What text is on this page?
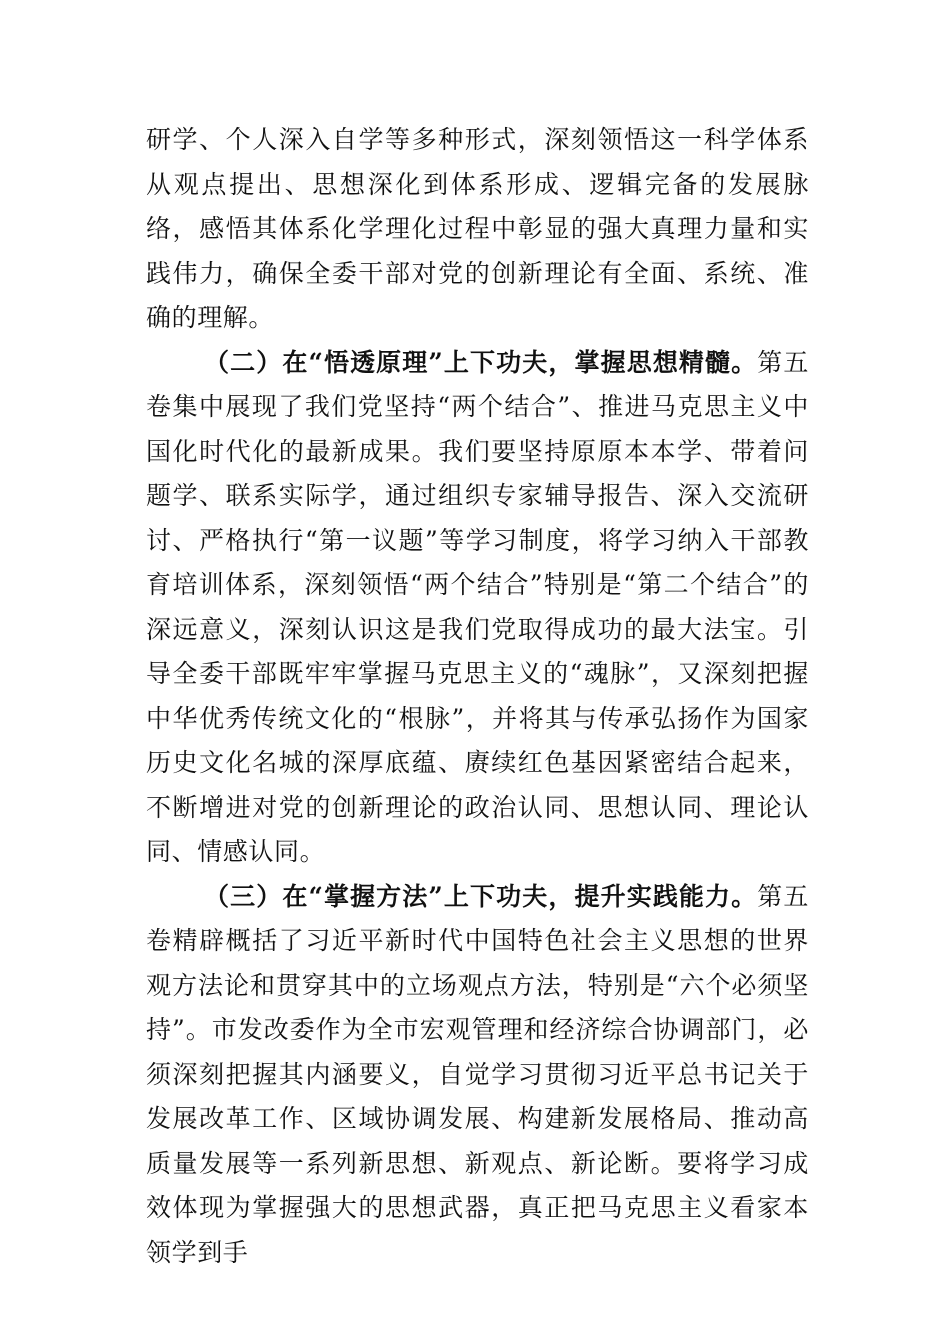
研学、个人深入自学等多种形式，深刻领悟这一科学体系从观点提出、思想深化到体系形成、逻辑完备的发展脉络，感悟其体系化学理化过程中彰显的强大真理力量和实践伟力，确保全委干部对党的创新理论有全面、系统、准确的理解。

（二）在“悟透原理”上下功夫，掌握思想精髓。第五卷集中展现了我们党坚持“两个结合”、推进马克思主义中国化时代化的最新成果。我们要坚持原原本本学、带着问题学、联系实际学，通过组织专家辅导报告、深入交流研讨、严格执行“第一议题”等学习制度，将学习纳入干部教育培训体系，深刻领悟“两个结合”特别是“第二个结合”的深远意义，深刻认识这是我们党取得成功的最大法宝。引导全委干部既牢牢掌握马克思主义的“魂脉”，又深刻把握中华优秀传统文化的“根脉”，并将其与传承弘扬作为国家历史文化名城的深厚底蕴、赓续红色基因紧密结合起来，不断增进对党的创新理论的政治认同、思想认同、理论认同、情感认同。

（三）在“掌握方法”上下功夫，提升实践能力。第五卷精辟概括了习近平新时代中国特色社会主义思想的世界观方法论和贯穿其中的立场观点方法，特别是“六个必须坚持”。市发改委作为全市宏观管理和经济综合协调部门，必须深刻把握其内涵要义，自觉学习贯彻习近平总书记关于发展改革工作、区域协调发展、构建新发展格局、推动高质量发展等一系列新思想、新观点、新论断。要将学习成效体现为掌握强大的思想武器，真正把马克思主义看家本领学到手
